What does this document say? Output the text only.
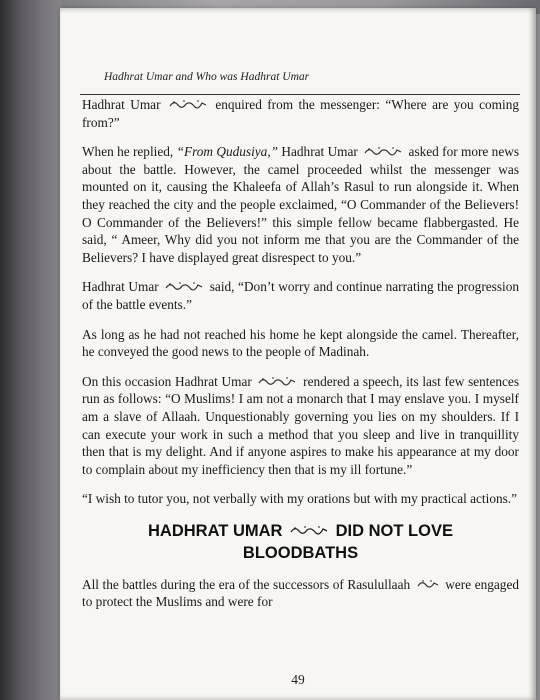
Hadhrat Umar and Who was Hadhrat Umar

Hadhrat Umar	enquired from the messenger: “Where are you coming from?”

When he replied, “From Qudusiya,” Hadhrat Umar	asked for more news about the battle. However, the camel proceeded whilst the messenger was mounted on it, causing the Khaleefa of Allah’s Rasul to run alongside it. When they reached the city and the people exclaimed, “O Commander of the Believers! O Commander of the Believers!” this simple fellow became flabbergasted. He said, “ Ameer, Why did you not inform me that you are the Commander of the Believers? I have displayed great disrespect to you.”

Hadhrat Umar	said, “Don’t worry and continue narrating the progression of the battle events.”

As long as he had not reached his home he kept alongside the camel. Thereafter, he conveyed the good news to the people of Madinah.

On this occasion Hadhrat Umar	rendered a speech, its last few sentences run as follows: “O Muslims! I am not a monarch that I may enslave you. I myself am a slave of Allaah. Unquestionably governing you lies on my shoulders. If I can execute your work in such a method that you sleep and live in tranquillity then that is my delight. And if anyone aspires to make his appearance at my door to complain about my inefficiency then that is my ill fortune.”

“I wish to tutor you, not verbally with my orations but with my practical actions.”

HADHRAT UMAR	DID NOT LOVE
BLOODBATHS

All the battles during the era of the successors of Rasulullaah	were engaged to protect the Muslims and were for

49
